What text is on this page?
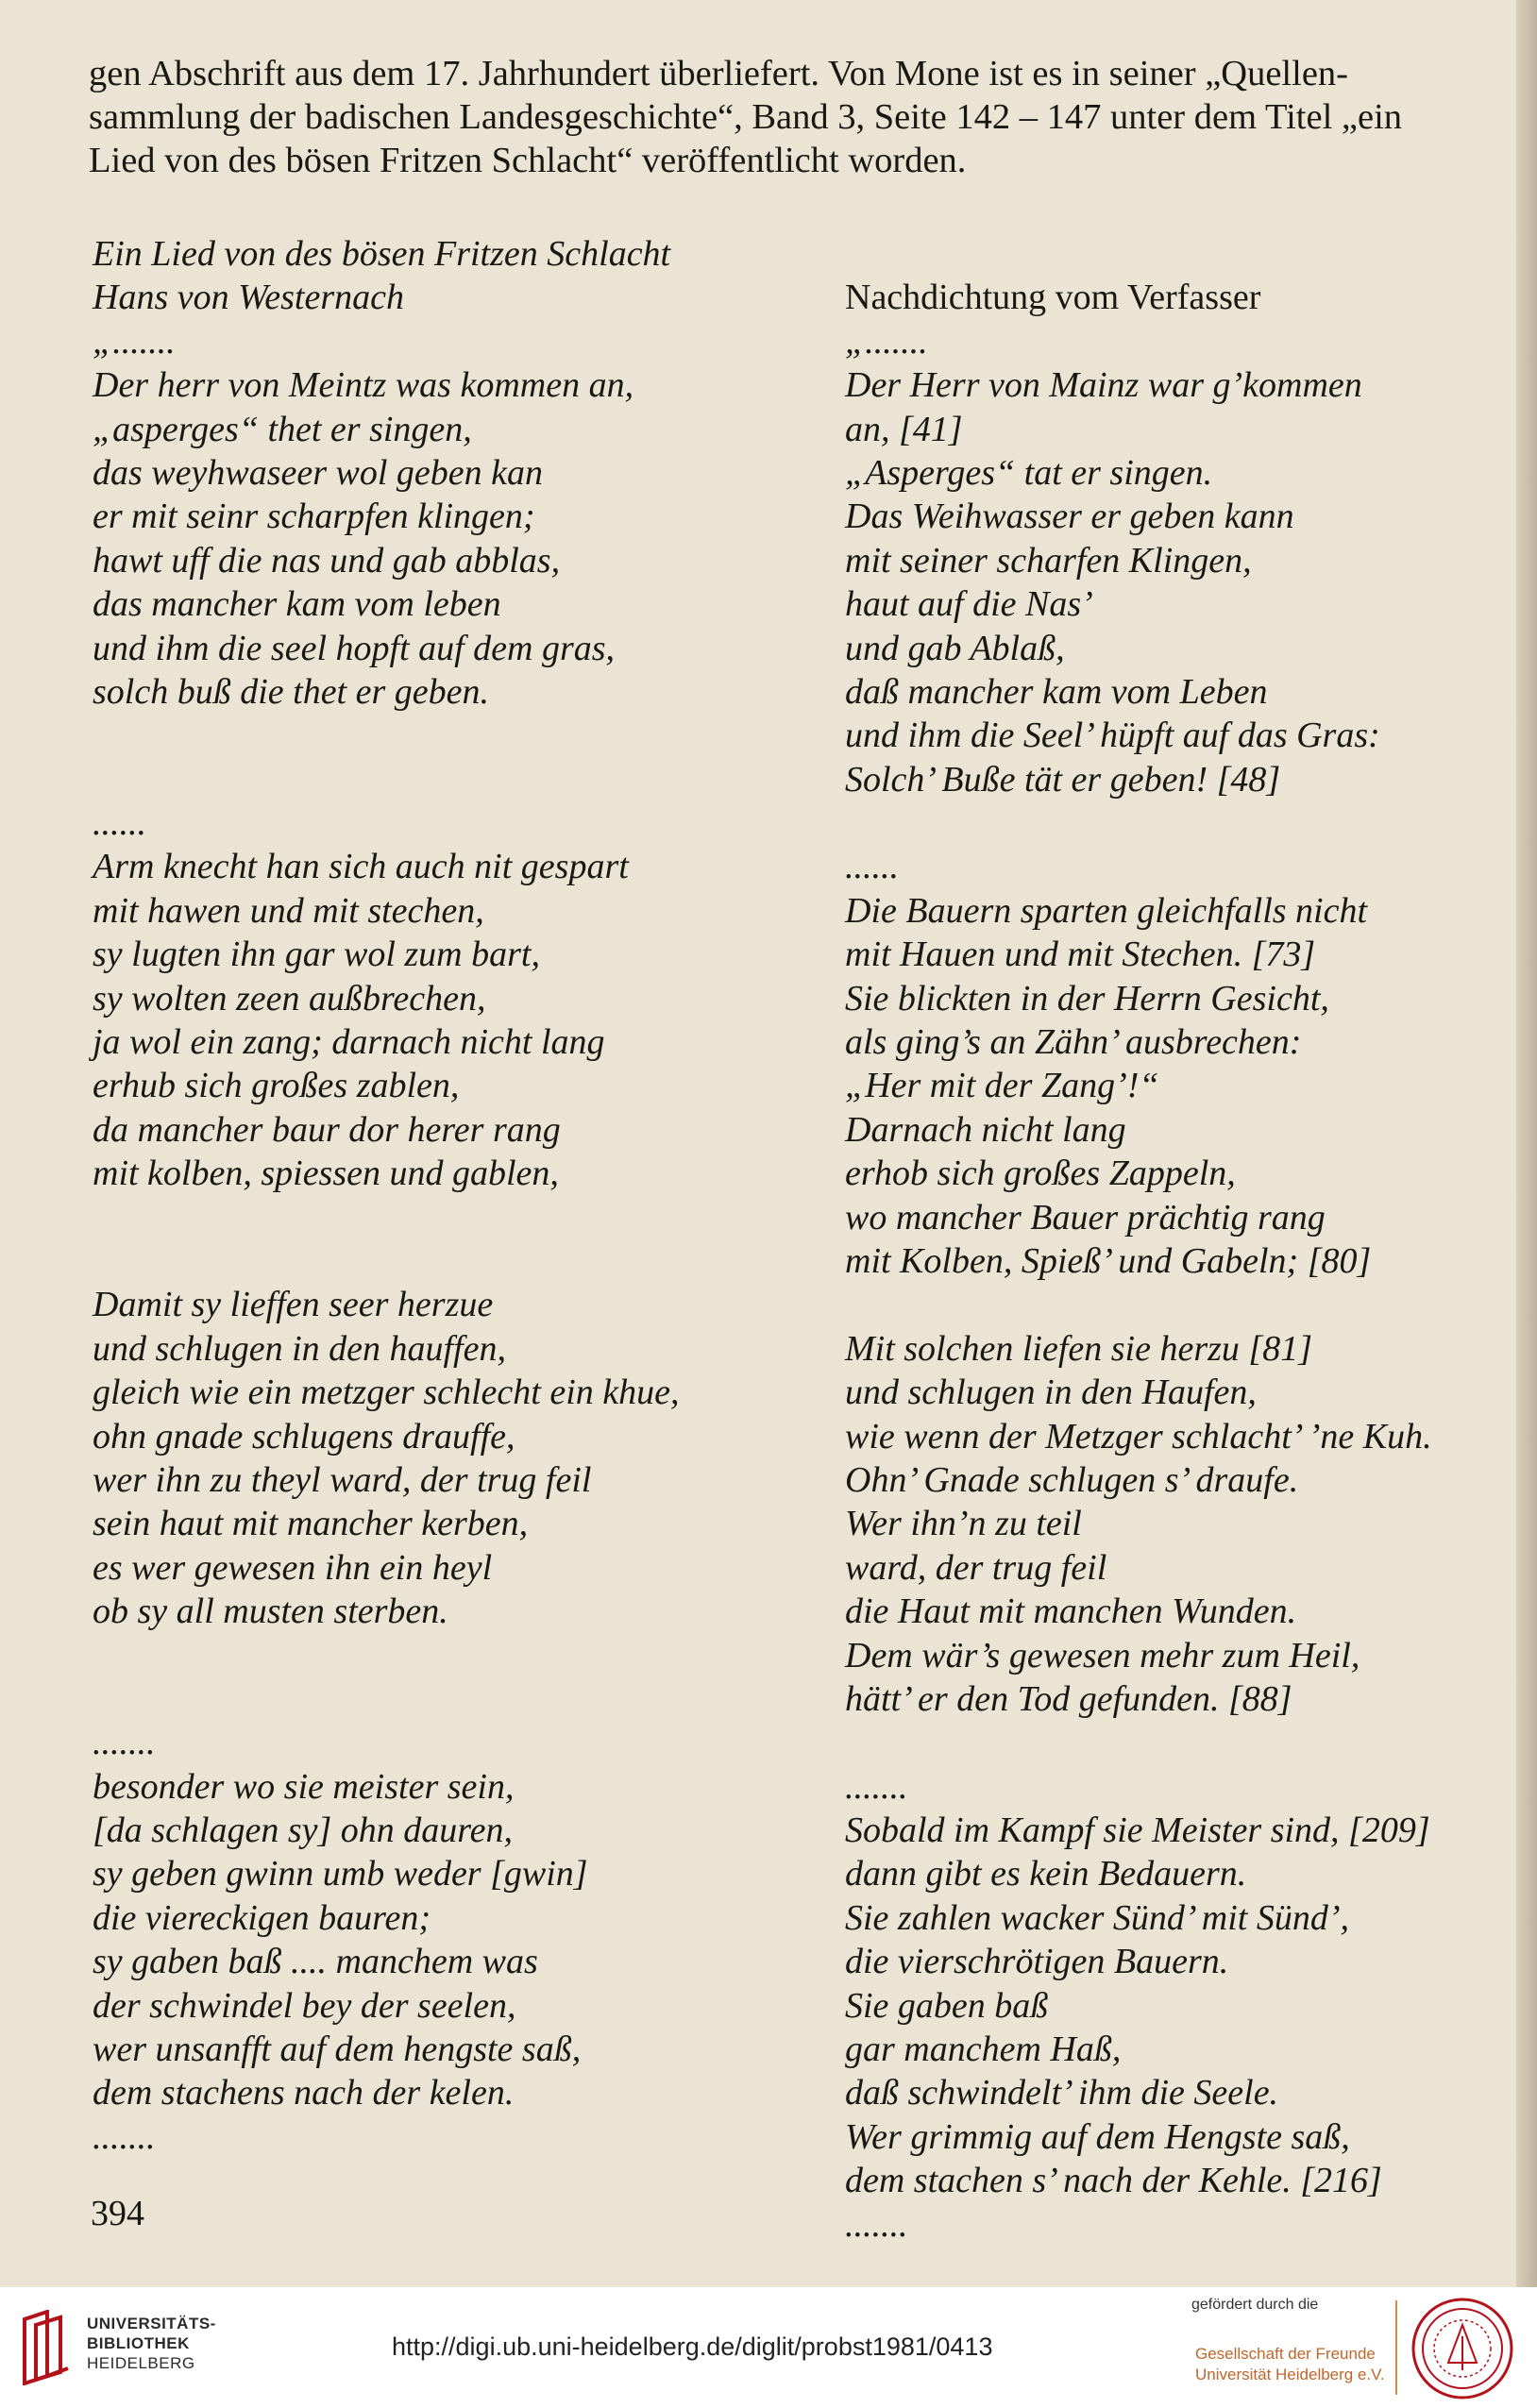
gen Abschrift aus dem 17. Jahrhundert überliefert. Von Mone ist es in seiner „Quellen-

sammlung der badischen Landesgeschichte“, Band 3, Seite 142 – 147 unter dem Titel „ein

Lied von des bösen Fritzen Schlacht“ veröffentlicht worden.

Ein Lied von des bösen Fritzen Schlacht
Hans von Westernach
„.......
Der herr von Meintz was kommen an,
„asperges“ thet er singen,
das weyhwaseer wol geben kan
er mit seinr scharpfen klingen;
hawt uff die nas und gab abblas,
das mancher kam vom leben
und ihm die seel hopft auf dem gras,
solch buß die thet er geben.
......
Arm knecht han sich auch nit gespart
mit hawen und mit stechen,
sy lugten ihn gar wol zum bart,
sy wolten zeen außbrechen,
ja wol ein zang; darnach nicht lang
erhub sich großes zablen,
da mancher baur dor herer rang
mit kolben, spiessen und gablen,
Damit sy lieffen seer herzue
und schlugen in den hauffen,
gleich wie ein metzger schlecht ein khue,
ohn gnade schlugens drauffe,
wer ihn zu theyl ward, der trug feil
sein haut mit mancher kerben,
es wer gewesen ihn ein heyl
ob sy all musten sterben.
.......
besonder wo sie meister sein,
[da schlagen sy] ohn dauren,
sy geben gwinn umb weder [gwin]
die viereckigen bauren;
sy gaben baß .... manchem was
der schwindel bey der seelen,
wer unsanfft auf dem hengste saß,
dem stachens nach der kelen.
.......
Nachdichtung vom Verfasser
„.......
Der Herr von Mainz war g’kommen
an, [41]
„Asperges“ tat er singen.
Das Weihwasser er geben kann
mit seiner scharfen Klingen,
haut auf die Nas’
und gab Ablaß,
daß mancher kam vom Leben
und ihm die Seel’ hüpft auf das Gras:
Solch’ Buße tät er geben! [48]
......
Die Bauern sparten gleichfalls nicht
mit Hauen und mit Stechen. [73]
Sie blickten in der Herrn Gesicht,
als ging’s an Zähn’ ausbrechen:
„Her mit der Zang’!“
Darnach nicht lang
erhob sich großes Zappeln,
wo mancher Bauer prächtig rang
mit Kolben, Spieß’ und Gabeln; [80]
Mit solchen liefen sie herzu [81]
und schlugen in den Haufen,
wie wenn der Metzger schlacht’ ’ne Kuh.
Ohn’ Gnade schlugen s’ draufe.
Wer ihn’n zu teil
ward, der trug feil
die Haut mit manchen Wunden.
Dem wär’s gewesen mehr zum Heil,
hätt’ er den Tod gefunden. [88]
.......
Sobald im Kampf sie Meister sind, [209]
dann gibt es kein Bedauern.
Sie zahlen wacker Sünd’ mit Sünd’,
die vierschrötigen Bauern.
Sie gaben baß
gar manchem Haß,
daß schwindelt’ ihm die Seele.
Wer grimmig auf dem Hengste saß,
dem stachen s’ nach der Kehle. [216]
.......
394
UNIVERSITÄTS-
BIBLIOTHEK
HEIDELBERG
http://digi.ub.uni-heidelberg.de/diglit/probst1981/0413
gefördert durch die
Gesellschaft der Freunde
Universität Heidelberg e.V.
